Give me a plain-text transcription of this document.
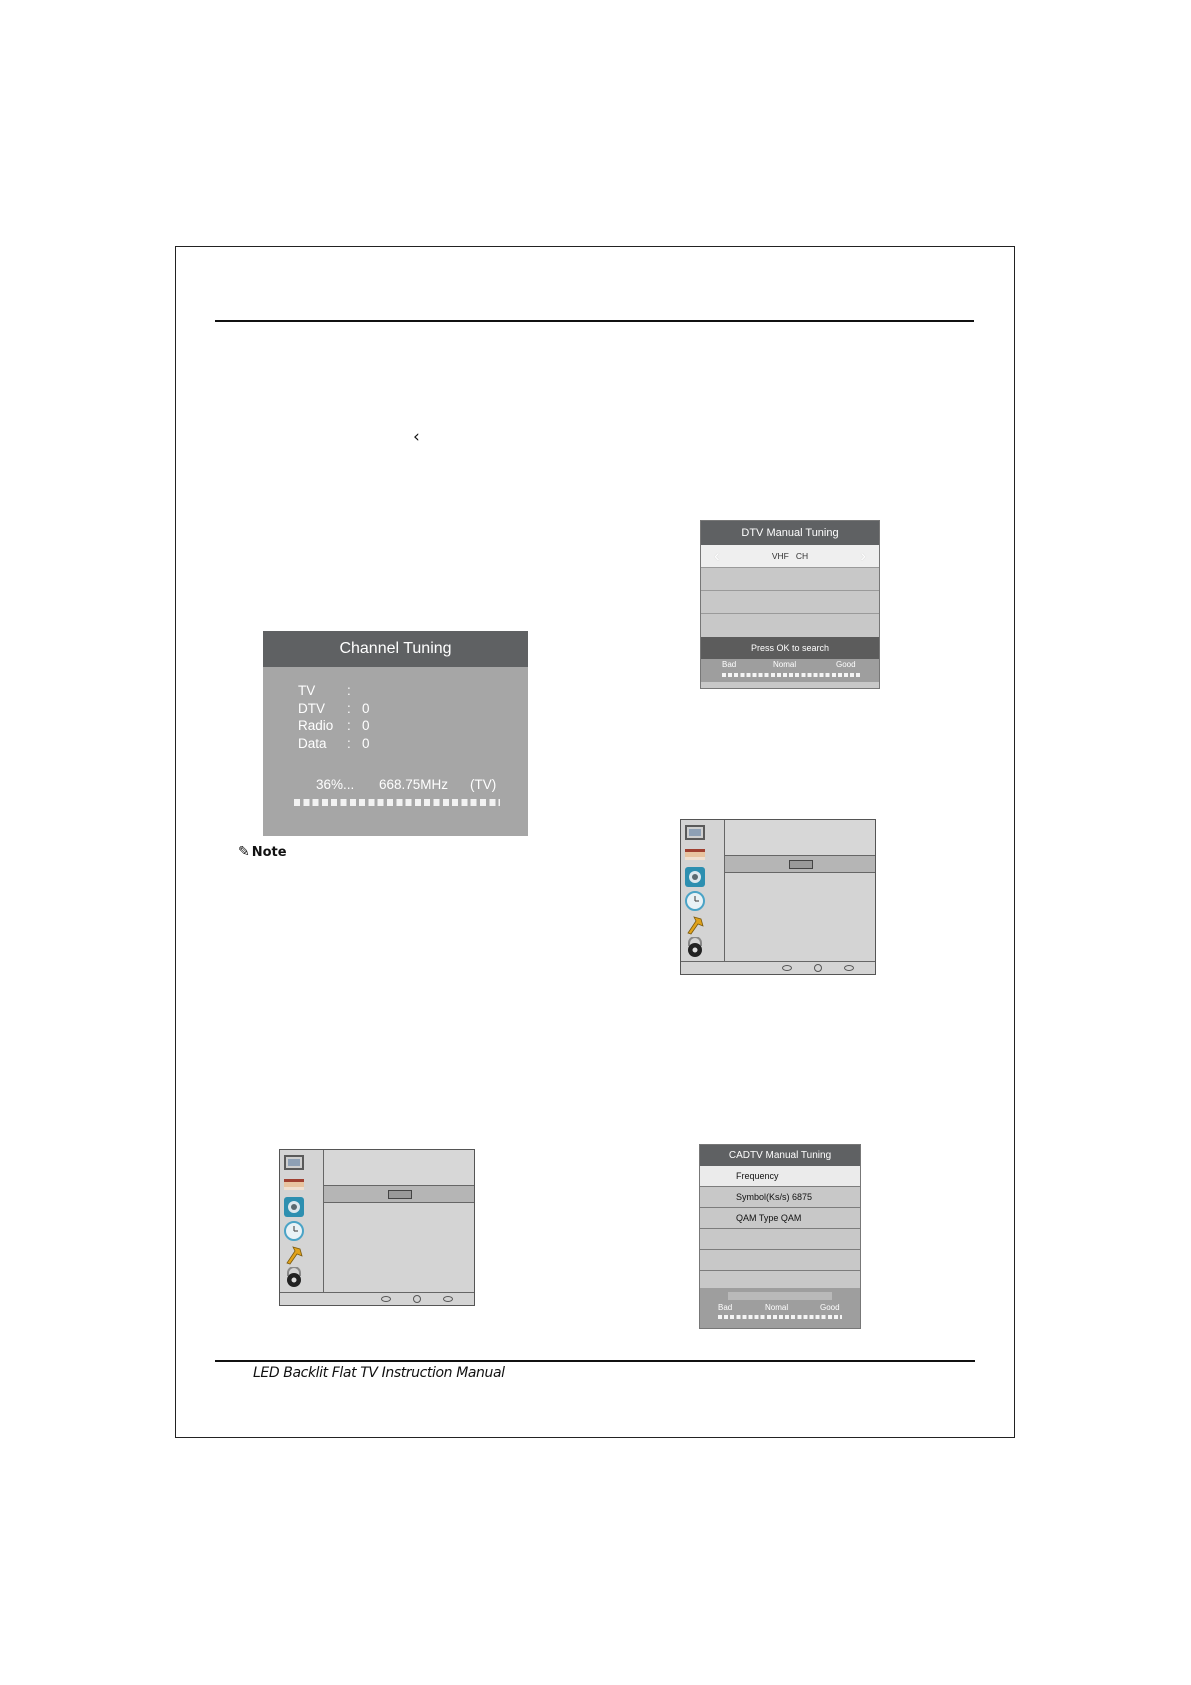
‹
Channel Tuning
TV	:
DTV	: 0
Radio	: 0
Data	: 0
36%... 668.75MHz (TV)
✎ Note
DTV Manual Tuning
‹	VHF CH	›
Press OK to search
Bad	Nomal	Good
CADTV Manual Tuning
Frequency
Symbol(Ks/s) 6875
QAM Type QAM
Bad	Nomal	Good
LED Backlit Flat TV Instruction Manual
